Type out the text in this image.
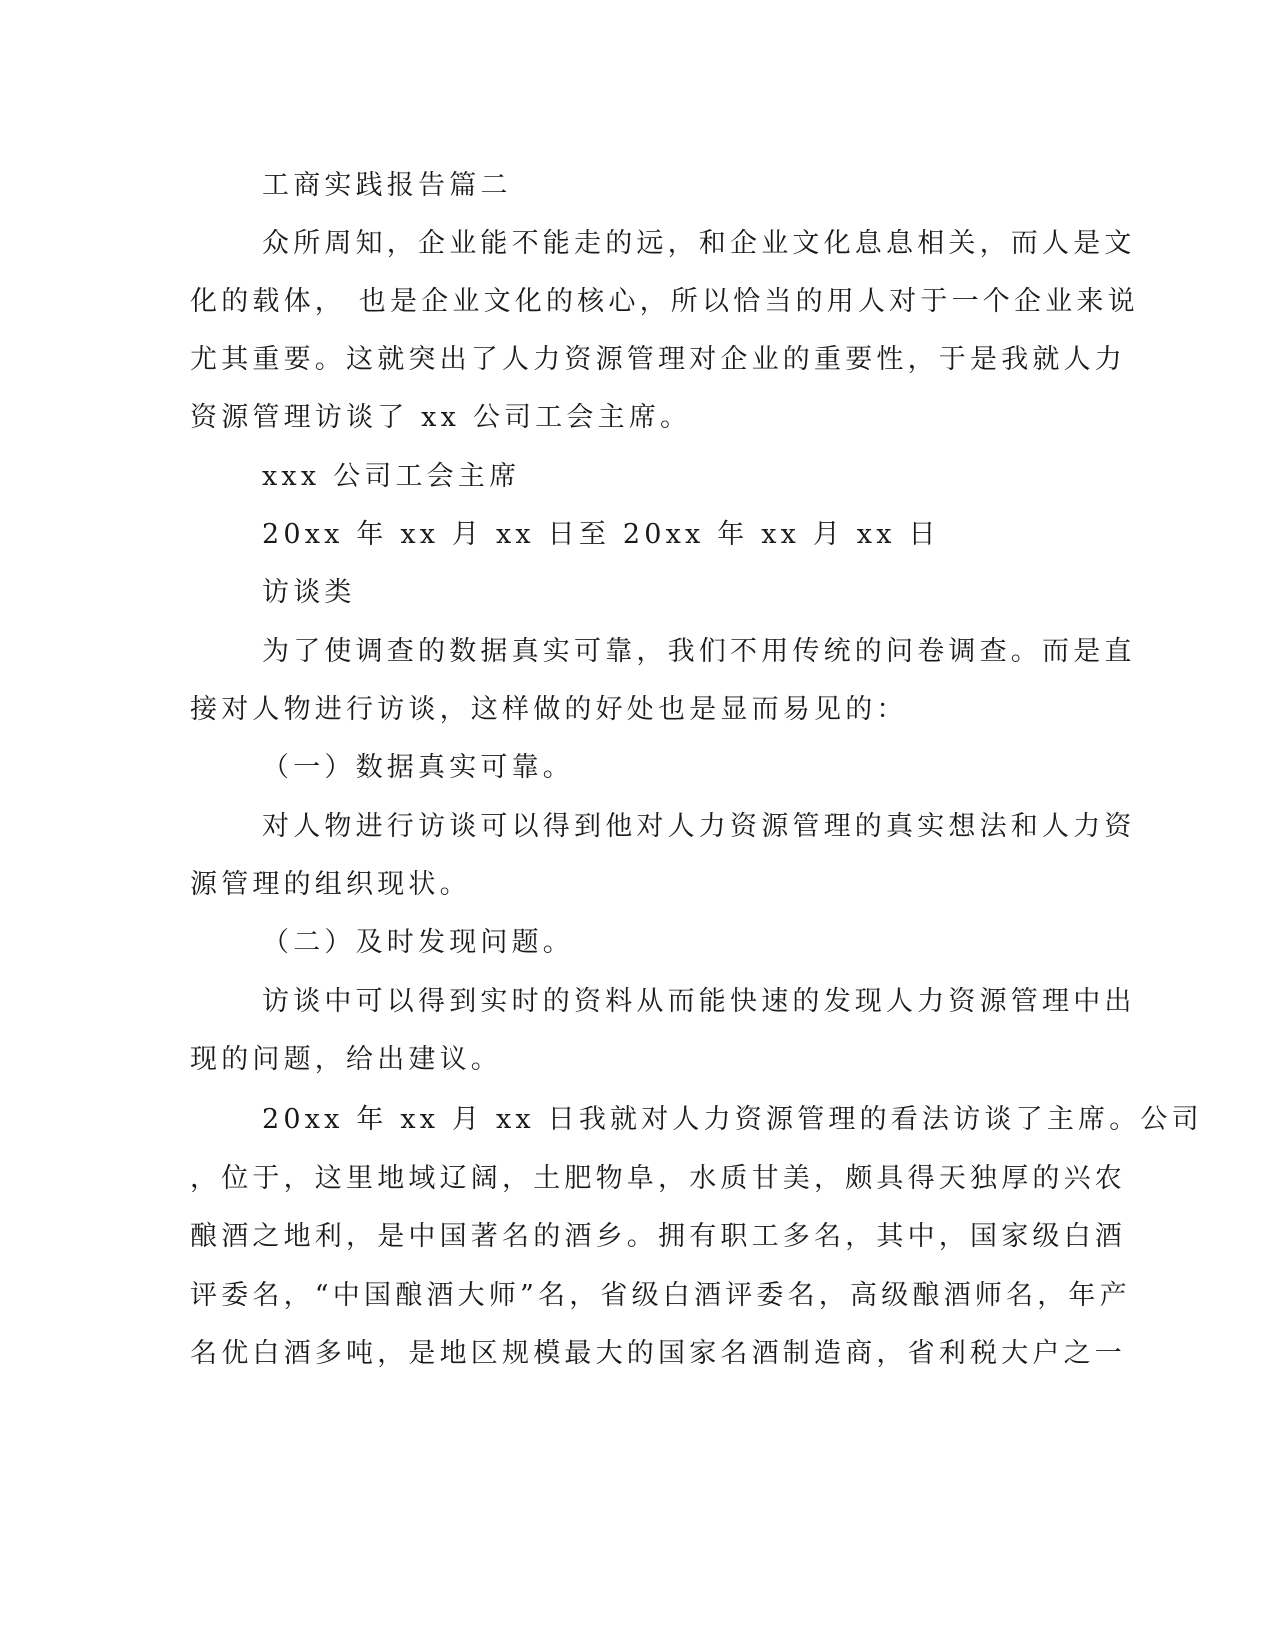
工商实践报告篇二
众所周知，企业能不能走的远，和企业文化息息相关，而人是文
化的载体， 也是企业文化的核心，所以恰当的用人对于一个企业来说
尤其重要。这就突出了人力资源管理对企业的重要性，于是我就人力
资源管理访谈了 xx 公司工会主席。
xxx 公司工会主席
20xx 年 xx 月 xx 日至 20xx 年 xx 月 xx 日
访谈类
为了使调查的数据真实可靠，我们不用传统的问卷调查。而是直
接对人物进行访谈，这样做的好处也是显而易见的：
（一）数据真实可靠。
对人物进行访谈可以得到他对人力资源管理的真实想法和人力资
源管理的组织现状。
（二）及时发现问题。
访谈中可以得到实时的资料从而能快速的发现人力资源管理中出
现的问题，给出建议。
20xx 年 xx 月 xx 日我就对人力资源管理的看法访谈了主席。公司
，位于，这里地域辽阔，土肥物阜，水质甘美，颇具得天独厚的兴农
酿酒之地利，是中国著名的酒乡。拥有职工多名，其中，国家级白酒
评委名，“中国酿酒大师”名，省级白酒评委名，高级酿酒师名，年产
名优白酒多吨，是地区规模最大的国家名酒制造商，省利税大户之一
